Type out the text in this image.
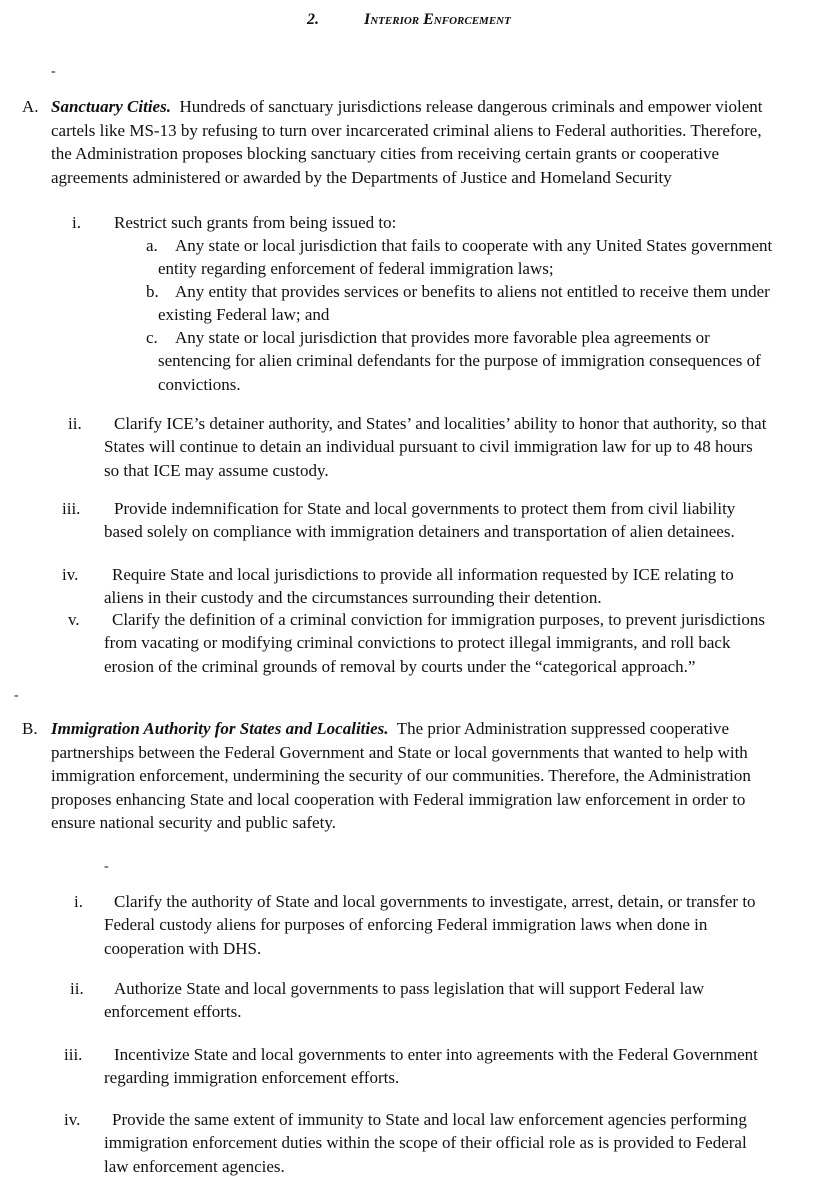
2.	Interior Enforcement
-
A. Sanctuary Cities. Hundreds of sanctuary jurisdictions release dangerous criminals and empower violent
cartels like MS-13 by refusing to turn over incarcerated criminal aliens to Federal authorities. Therefore,
the Administration proposes blocking sanctuary cities from receiving certain grants or cooperative
agreements administered or awarded by the Departments of Justice and Homeland Security
i. Restrict such grants from being issued to:
a. Any state or local jurisdiction that fails to cooperate with any United States government
entity regarding enforcement of federal immigration laws;
b. Any entity that provides services or benefits to aliens not entitled to receive them under
existing Federal law; and
c. Any state or local jurisdiction that provides more favorable plea agreements or
sentencing for alien criminal defendants for the purpose of immigration consequences of
convictions.
ii. Clarify ICE’s detainer authority, and States’ and localities’ ability to honor that authority, so that
States will continue to detain an individual pursuant to civil immigration law for up to 48 hours
so that ICE may assume custody.
iii. Provide indemnification for State and local governments to protect them from civil liability
based solely on compliance with immigration detainers and transportation of alien detainees.
iv. Require State and local jurisdictions to provide all information requested by ICE relating to
aliens in their custody and the circumstances surrounding their detention.
v. Clarify the definition of a criminal conviction for immigration purposes, to prevent jurisdictions
from vacating or modifying criminal convictions to protect illegal immigrants, and roll back
erosion of the criminal grounds of removal by courts under the “categorical approach.”
-
B. Immigration Authority for States and Localities. The prior Administration suppressed cooperative
partnerships between the Federal Government and State or local governments that wanted to help with
immigration enforcement, undermining the security of our communities. Therefore, the Administration
proposes enhancing State and local cooperation with Federal immigration law enforcement in order to
ensure national security and public safety.
-
i. Clarify the authority of State and local governments to investigate, arrest, detain, or transfer to
Federal custody aliens for purposes of enforcing Federal immigration laws when done in
cooperation with DHS.
ii. Authorize State and local governments to pass legislation that will support Federal law
enforcement efforts.
iii. Incentivize State and local governments to enter into agreements with the Federal Government
regarding immigration enforcement efforts.
iv. Provide the same extent of immunity to State and local law enforcement agencies performing
immigration enforcement duties within the scope of their official role as is provided to Federal
law enforcement agencies.
